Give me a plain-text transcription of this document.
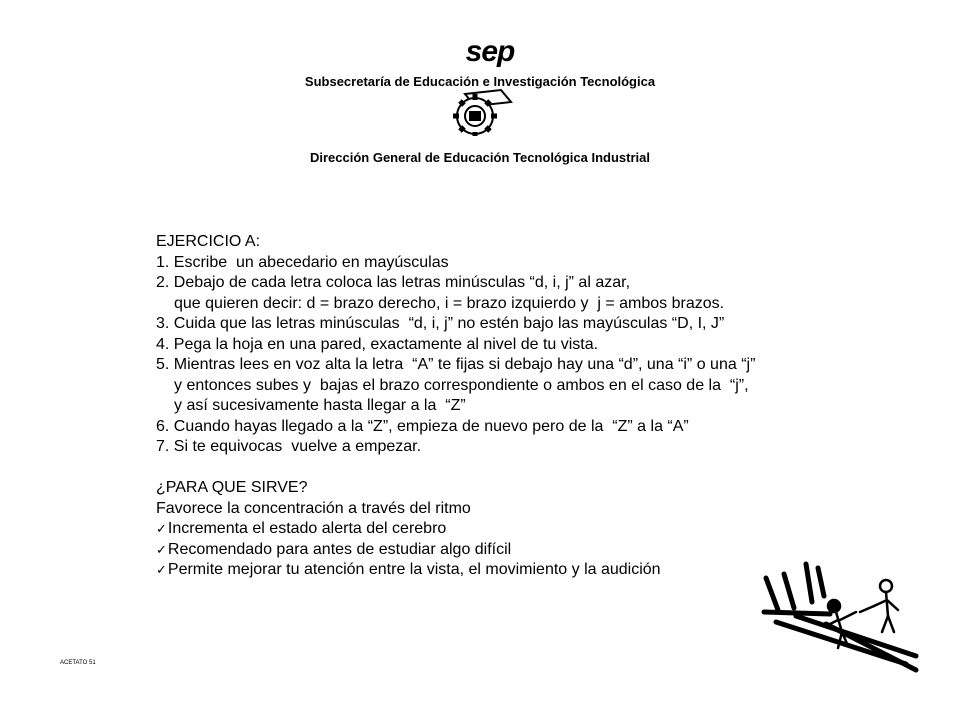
sep
Subsecretaría de Educación e Investigación Tecnológica
Dirección General de Educación Tecnológica Industrial
EJERCICIO A:
1. Escribe  un abecedario en mayúsculas
2. Debajo de cada letra coloca las letras minúsculas “d, i, j” al azar,
que quieren decir: d = brazo derecho, i = brazo izquierdo y  j = ambos brazos.
3. Cuida que las letras minúsculas  “d, i, j” no estén bajo las mayúsculas “D, I, J”
4. Pega la hoja en una pared, exactamente al nivel de tu vista.
5. Mientras lees en voz alta la letra  “A” te fijas si debajo hay una “d”, una “i” o una “j”
y entonces subes y  bajas el brazo correspondiente o ambos en el caso de la  “j”,
y así sucesivamente hasta llegar a la  “Z”
6. Cuando hayas llegado a la “Z”, empieza de nuevo pero de la  “Z” a la “A”
7. Si te equivocas  vuelve a empezar.
¿PARA QUE SIRVE?
Favorece la concentración a través del ritmo
✓ Incrementa el estado alerta del cerebro
✓ Recomendado para antes de estudiar algo difícil
✓ Permite mejorar tu atención entre la vista, el movimiento y la audición
ACETATO 51
